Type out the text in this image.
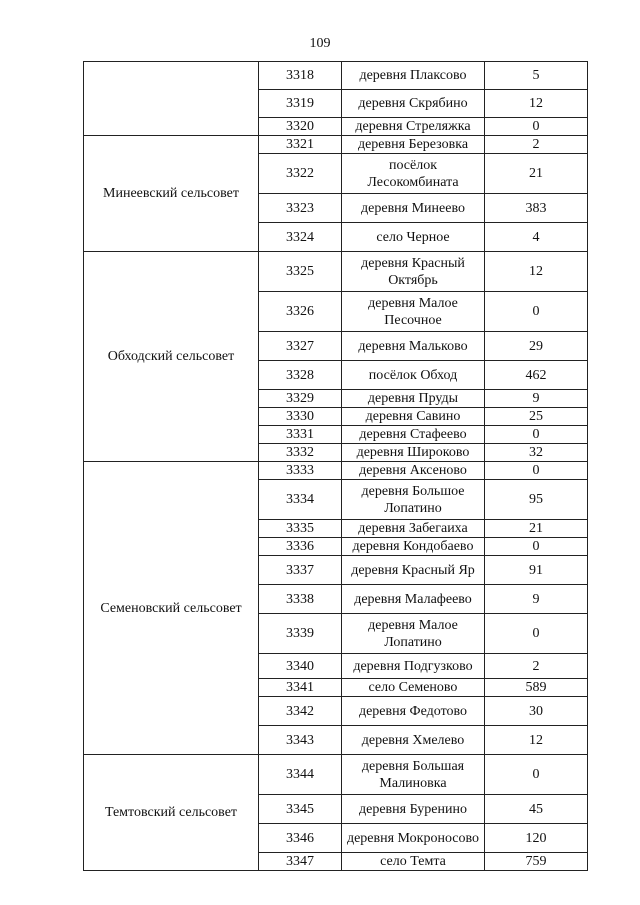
109
	3318	деревня Плаксово	5
	3319	деревня Скрябино	12
	3320	деревня Стреляжка	0
Минеевский сельсовет	3321	деревня Березовка	2
	3322	посёлок Лесокомбината	21
	3323	деревня Минеево	383
	3324	село Черное	4
Обходский сельсовет	3325	деревня Красный Октябрь	12
	3326	деревня Малое Песочное	0
	3327	деревня Мальково	29
	3328	посёлок Обход	462
	3329	деревня Пруды	9
	3330	деревня Савино	25
	3331	деревня Стафеево	0
	3332	деревня Широково	32
Семеновский сельсовет	3333	деревня Аксеново	0
	3334	деревня Большое Лопатино	95
	3335	деревня Забегаиха	21
	3336	деревня Кондобаево	0
	3337	деревня Красный Яр	91
	3338	деревня Малафеево	9
	3339	деревня Малое Лопатино	0
	3340	деревня Подгузково	2
	3341	село Семеново	589
	3342	деревня Федотово	30
	3343	деревня Хмелево	12
Темтовский сельсовет	3344	деревня Большая Малиновка	0
	3345	деревня Буренино	45
	3346	деревня Мокроносово	120
	3347	село Темта	759
